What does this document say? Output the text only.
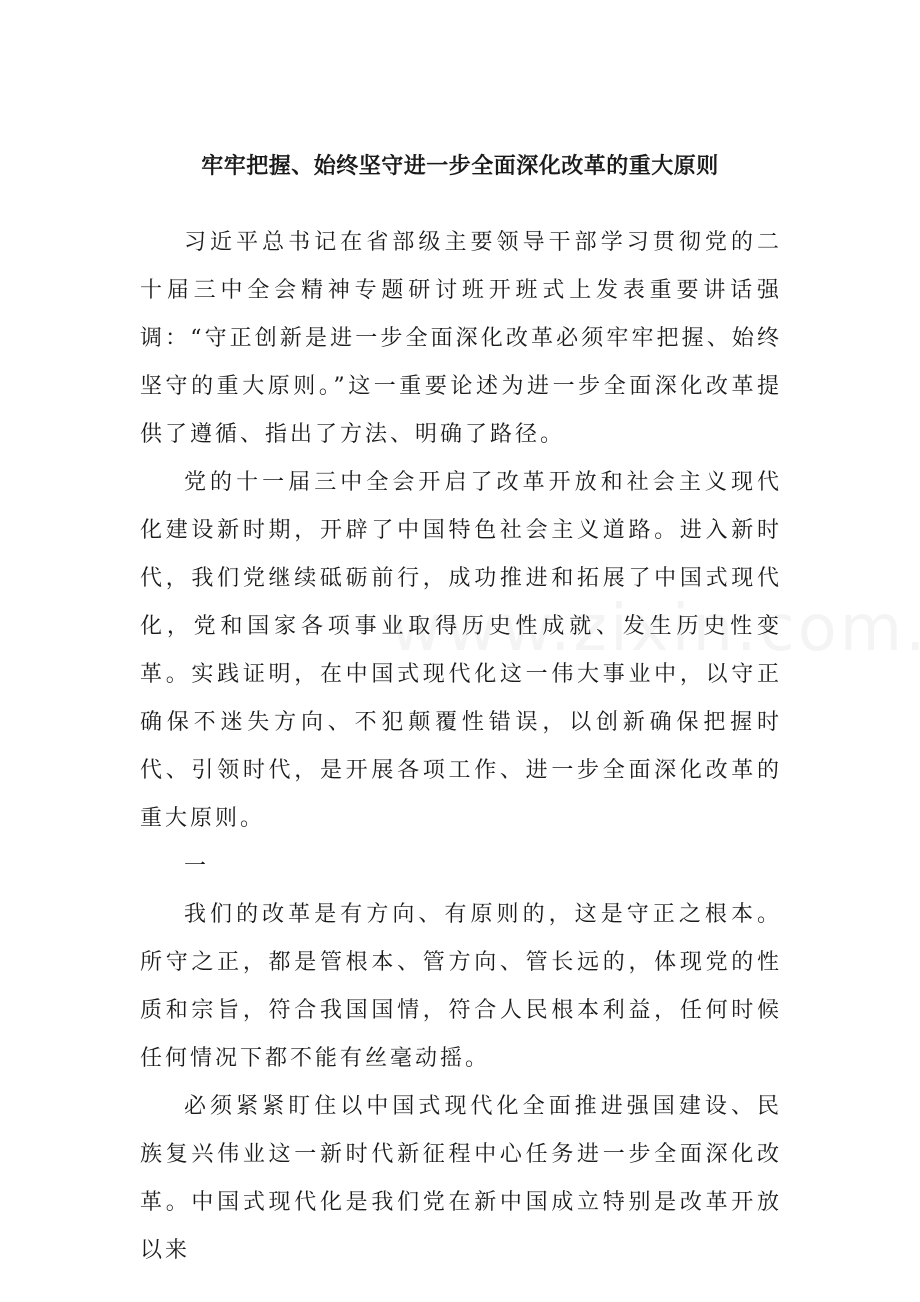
牢牢把握、始终坚守进一步全面深化改革的重大原则

习近平总书记在省部级主要领导干部学习贯彻党的二十届三中全会精神专题研讨班开班式上发表重要讲话强调：“守正创新是进一步全面深化改革必须牢牢把握、始终坚守的重大原则。”这一重要论述为进一步全面深化改革提供了遵循、指出了方法、明确了路径。

党的十一届三中全会开启了改革开放和社会主义现代化建设新时期，开辟了中国特色社会主义道路。进入新时代，我们党继续砥砺前行，成功推进和拓展了中国式现代化，党和国家各项事业取得历史性成就、发生历史性变革。实践证明，在中国式现代化这一伟大事业中，以守正确保不迷失方向、不犯颠覆性错误，以创新确保把握时代、引领时代，是开展各项工作、进一步全面深化改革的重大原则。

一

我们的改革是有方向、有原则的，这是守正之根本。所守之正，都是管根本、管方向、管长远的，体现党的性质和宗旨，符合我国国情，符合人民根本利益，任何时候任何情况下都不能有丝毫动摇。

必须紧紧盯住以中国式现代化全面推进强国建设、民族复兴伟业这一新时代新征程中心任务进一步全面深化改革。中国式现代化是我们党在新中国成立特别是改革开放以来
